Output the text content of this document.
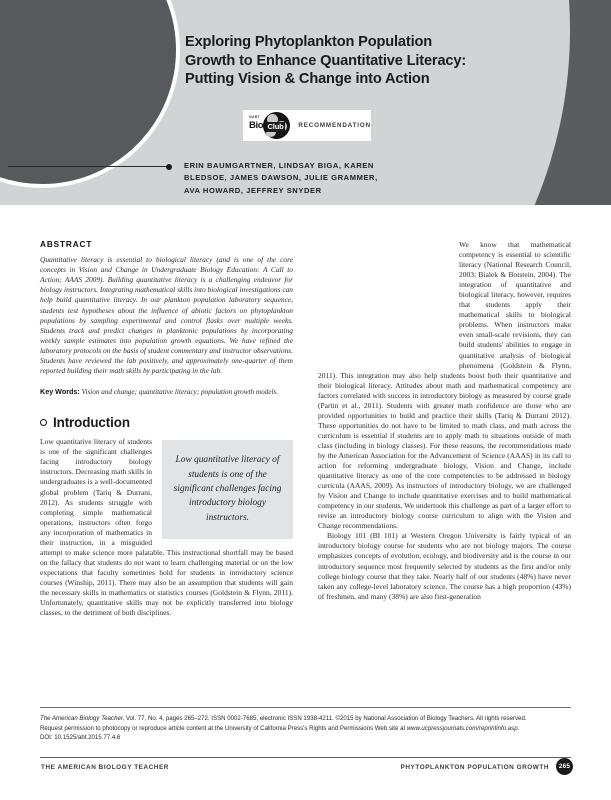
Exploring Phytoplankton Population Growth to Enhance Quantitative Literacy: Putting Vision & Change into Action
NABT
Bio Club RECOMMENDATION
ERIN BAUMGARTNER, LINDSAY BIGA, KAREN BLEDSOE, JAMES DAWSON, JULIE GRAMMER, AVA HOWARD, JEFFREY SNYDER
ABSTRACT
Quantitative literacy is essential to biological literacy (and is one of the core concepts in Vision and Change in Undergraduate Biology Education: A Call to Action; AAAS 2009). Building quantitative literacy is a challenging endeavor for biology instructors. Integrating mathematical skills into biological investigations can help build quantitative literacy. In our plankton population laboratory sequence, students test hypotheses about the influence of abiotic factors on phytoplankton populations by sampling experimental and control flasks over multiple weeks. Students track and predict changes in planktonic populations by incorporating weekly sample estimates into population growth equations. We have refined the laboratory protocols on the basis of student commentary and instructor observations. Students have reviewed the lab positively, and approximately one-quarter of them reported building their math skills by participating in the lab.
Key Words: Vision and change; quantitative literacy; population growth models.
Introduction
Low quantitative literacy of students is one of the significant challenges facing introductory biology instructors.

Low quantitative literacy of students is one of the significant challenges facing introductory biology instructors. Decreasing math skills in undergraduates is a well-documented global problem (Tariq & Durrani, 2012). As students struggle with completing simple mathematical operations, instructors often forgo any incorporation of mathematics in their instruction, in a misguided attempt to make science more palatable. This instructional shortfall may be based on the fallacy that students do not want to learn challenging material or on the low expectations that faculty sometimes hold for students in introductory science courses (Winship, 2011). There may also be an assumption that students will gain the necessary skills in mathematics or statistics courses (Goldstein & Flynn, 2011). Unfortunately, quantitative skills may not be explicitly transferred into biology classes, to the detriment of both disciplines.

We know that mathematical competency is essential to scientific literacy (National Research Council, 2003; Bialek & Botstein, 2004). The integration of quantitative and biological literacy, however, requires that students apply their mathematical skills to biological problems. When instructors make even small-scale revisions, they can build students' abilities to engage in quantitative analysis of biological phenomena (Goldstein & Flynn, 2011). This integration may also help students boost both their quantitative and their biological literacy. Attitudes about math and mathematical competency are factors correlated with success in introductory biology as measured by course grade (Partin et al., 2011). Students with greater math confidence are those who are provided opportunities to build and practice their skills (Tariq & Durrani 2012). These opportunities do not have to be limited to math class, and math across the curriculum is essential if students are to apply math to situations outside of math class (including in biology classes). For these reasons, the recommendations made by the American Association for the Advancement of Science (AAAS) in its call to action for reforming undergraduate biology, Vision and Change, include quantitative literacy as one of the core competencies to be addressed in biology curricula (AAAS, 2009). As instructors of introductory biology, we are challenged by Vision and Change to include quantitative exercises and to build mathematical competency in our students. We undertook this challenge as part of a larger effort to revise an introductory biology course curriculum to align with the Vision and Change recommendations.

Biology 101 (BI 101) at Western Oregon University is fairly typical of an introductory biology course for students who are not biology majors. The course emphasizes concepts of evolution, ecology, and biodiversity and is the course in our introductory sequence most frequently selected by students as the first and/or only college biology course that they take. Nearly half of our students (48%) have never taken any college-level laboratory science. The course has a high proportion (43%) of freshmen, and many (38%) are also first-generation

The American Biology Teacher, Vol. 77, No. 4, pages 265–272. ISSN 0002-7685, electronic ISSN 1938-4211. ©2015 by National Association of Biology Teachers. All rights reserved.
Request permission to photocopy or reproduce article content at the University of California Press's Rights and Permissions Web site at www.ucpressjournals.com/reprintinfo.asp.
DOI: 10.1525/abt.2015.77.4.6
THE AMERICAN BIOLOGY TEACHER	PHYTOPLANKTON POPULATION GROWTH	265
